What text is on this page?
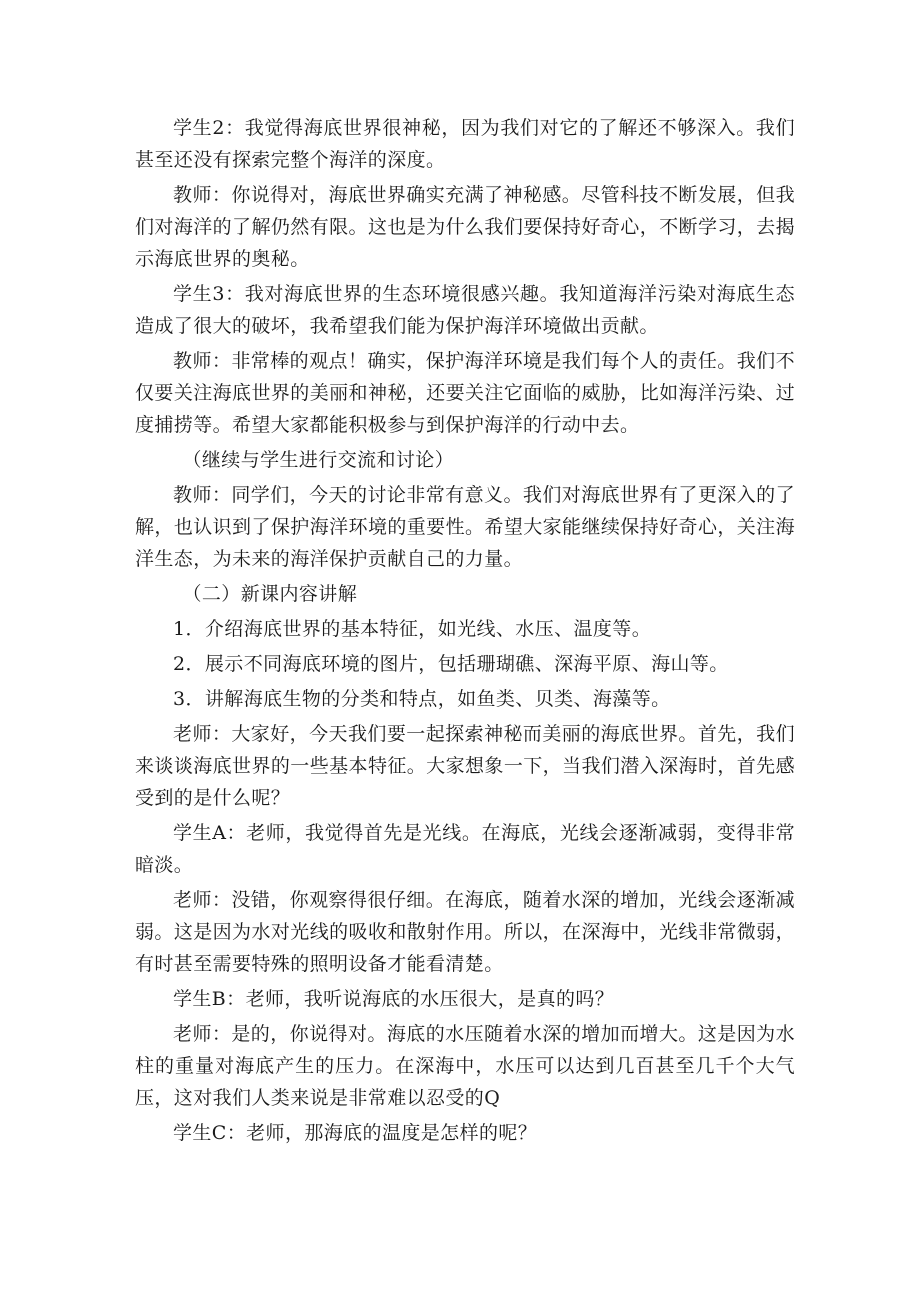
学生2：我觉得海底世界很神秘，因为我们对它的了解还不够深入。我们甚至还没有探索完整个海洋的深度。

教师：你说得对，海底世界确实充满了神秘感。尽管科技不断发展，但我们对海洋的了解仍然有限。这也是为什么我们要保持好奇心，不断学习，去揭示海底世界的奥秘。

学生3：我对海底世界的生态环境很感兴趣。我知道海洋污染对海底生态造成了很大的破坏，我希望我们能为保护海洋环境做出贡献。

教师：非常棒的观点！确实，保护海洋环境是我们每个人的责任。我们不仅要关注海底世界的美丽和神秘，还要关注它面临的威胁，比如海洋污染、过度捕捞等。希望大家都能积极参与到保护海洋的行动中去。

（继续与学生进行交流和讨论）

教师：同学们，今天的讨论非常有意义。我们对海底世界有了更深入的了解，也认识到了保护海洋环境的重要性。希望大家能继续保持好奇心，关注海洋生态，为未来的海洋保护贡献自己的力量。

（二）新课内容讲解

1．介绍海底世界的基本特征，如光线、水压、温度等。

2．展示不同海底环境的图片，包括珊瑚礁、深海平原、海山等。

3．讲解海底生物的分类和特点，如鱼类、贝类、海藻等。

老师：大家好，今天我们要一起探索神秘而美丽的海底世界。首先，我们来谈谈海底世界的一些基本特征。大家想象一下，当我们潜入深海时，首先感受到的是什么呢？

学生A：老师，我觉得首先是光线。在海底，光线会逐渐减弱，变得非常暗淡。

老师：没错，你观察得很仔细。在海底，随着水深的增加，光线会逐渐减弱。这是因为水对光线的吸收和散射作用。所以，在深海中，光线非常微弱，有时甚至需要特殊的照明设备才能看清楚。

学生B：老师，我听说海底的水压很大，是真的吗？

老师：是的，你说得对。海底的水压随着水深的增加而增大。这是因为水柱的重量对海底产生的压力。在深海中，水压可以达到几百甚至几千个大气压，这对我们人类来说是非常难以忍受的Q

学生C：老师，那海底的温度是怎样的呢？
